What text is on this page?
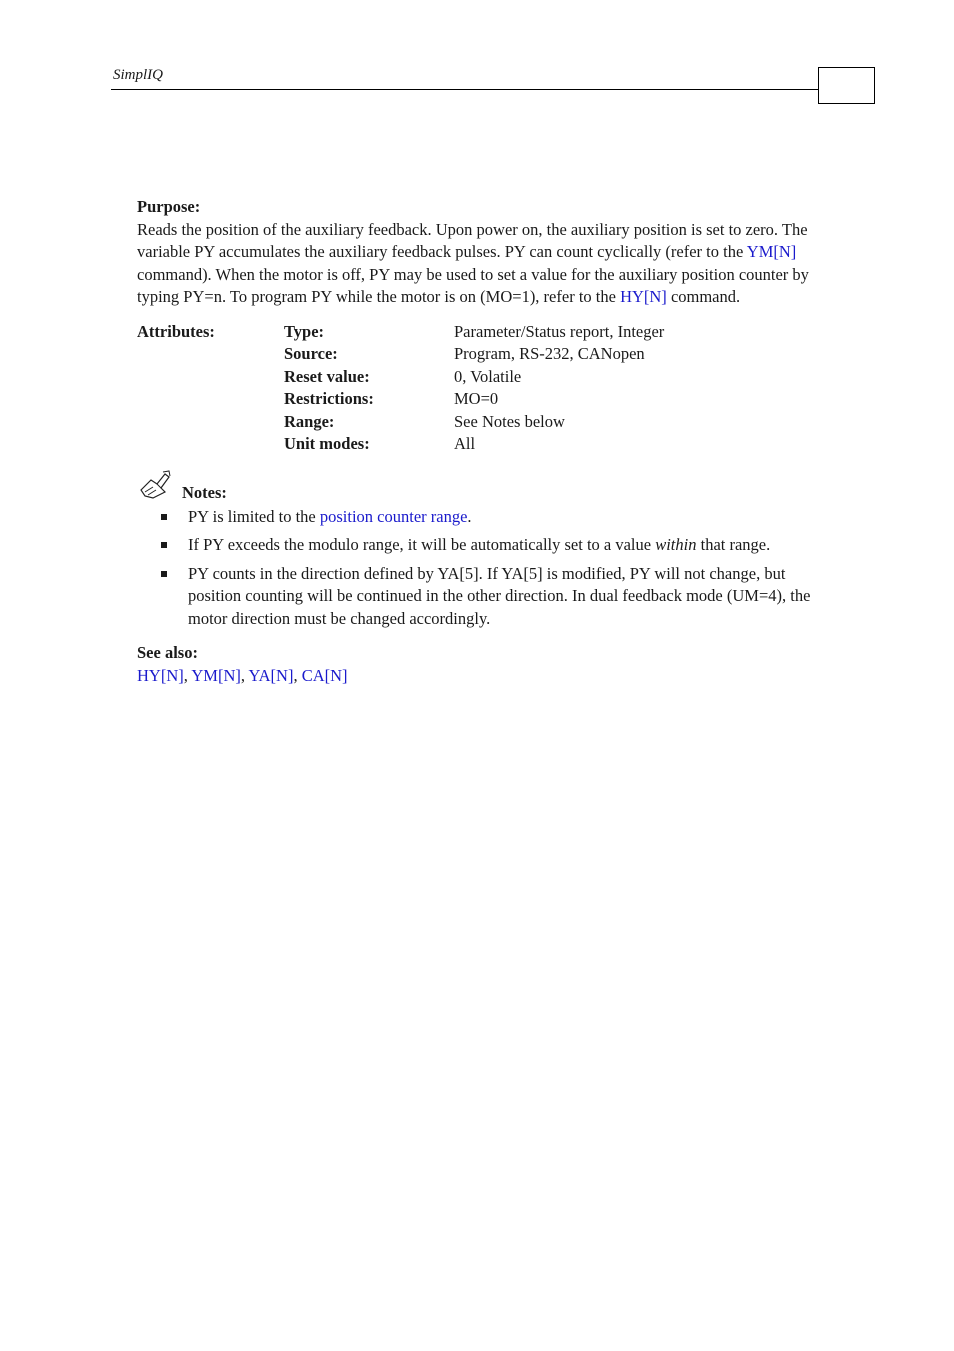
SimplIQ
Purpose:

Reads the position of the auxiliary feedback. Upon power on, the auxiliary position is set to zero. The variable PY accumulates the auxiliary feedback pulses. PY can count cyclically (refer to the YM[N] command). When the motor is off, PY may be used to set a value for the auxiliary position counter by typing PY=n. To program PY while the motor is on (MO=1), refer to the HY[N] command.

Attributes:	Type:	Parameter/Status report, Integer
Source:	Program, RS-232, CANopen
Reset value:	0, Volatile
Restrictions:	MO=0
Range:	See Notes below
Unit modes:	All
Notes:
PY is limited to the position counter range.
If PY exceeds the modulo range, it will be automatically set to a value within that range.
PY counts in the direction defined by YA[5]. If YA[5] is modified, PY will not change, but position counting will be continued in the other direction. In dual feedback mode (UM=4), the motor direction must be changed accordingly.
See also:
HY[N], YM[N], YA[N], CA[N]
